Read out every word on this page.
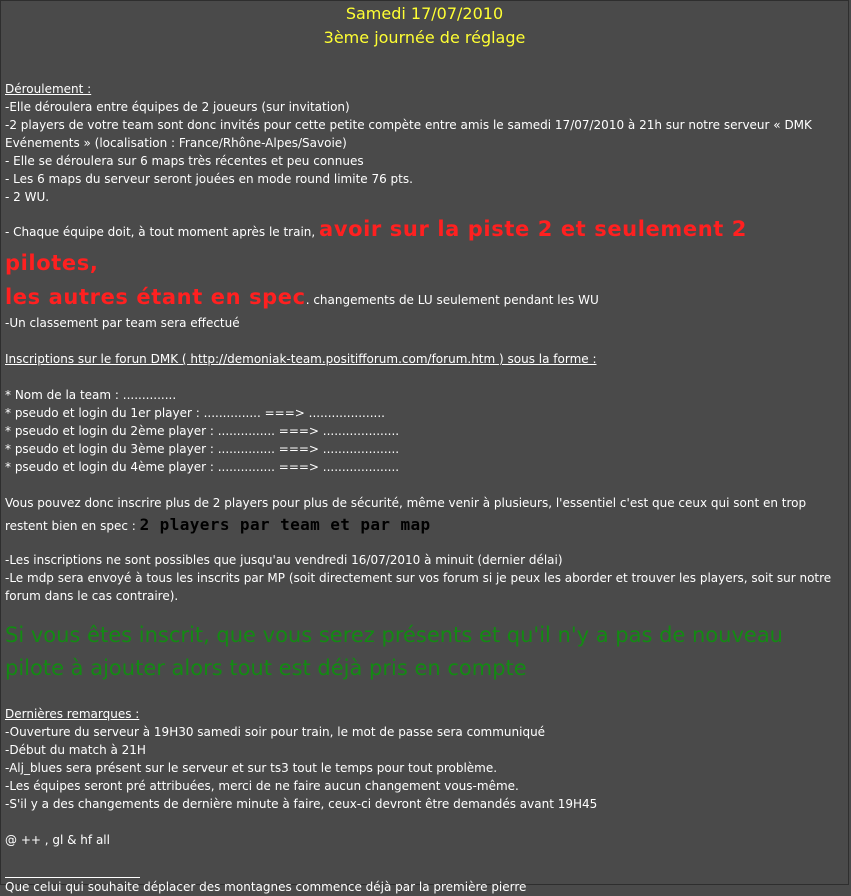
Samedi 17/07/2010
3ème journée de réglage
Déroulement :
-Elle déroulera entre équipes de 2 joueurs (sur invitation)
-2 players de votre team sont donc invités pour cette petite compète entre amis le samedi 17/07/2010 à 21h sur notre serveur « DMK Evénements » (localisation : France/Rhône-Alpes/Savoie)
- Elle se déroulera sur 6 maps très récentes et peu connues
- Les 6 maps du serveur seront jouées en mode round limite 76 pts.
- 2 WU.
- Chaque équipe doit, à tout moment après le train, avoir sur la piste 2 et seulement 2 pilotes,
les autres étant en spec. changements de LU seulement pendant les WU
-Un classement par team sera effectué
Inscriptions sur le forun DMK ( http://demoniak-team.positifforum.com/forum.htm ) sous la forme :
* Nom de la team : ..............
* pseudo et login du 1er player : ............... ===> ....................
* pseudo et login du 2ème player : ............... ===> ....................
* pseudo et login du 3ème player : ............... ===> ....................
* pseudo et login du 4ème player : ............... ===> ....................
Vous pouvez donc inscrire plus de 2 players pour plus de sécurité, même venir à plusieurs, l'essentiel c'est que ceux qui sont en trop
restent bien en spec : 2 players par team et par map
-Les inscriptions ne sont possibles que jusqu'au vendredi 16/07/2010 à minuit (dernier délai)
-Le mdp sera envoyé à tous les inscrits par MP (soit directement sur vos forum si je peux les aborder et trouver les players, soit sur notre forum dans le cas contraire).
Si vous êtes inscrit, que vous serez présents et qu'il n'y a pas de nouveau
pilote à ajouter alors tout est déjà pris en compte
Dernières remarques :
-Ouverture du serveur à 19H30 samedi soir pour train, le mot de passe sera communiqué
-Début du match à 21H
-Alj_blues sera présent sur le serveur et sur ts3 tout le temps pour tout problème.
-Les équipes seront pré attribuées, merci de ne faire aucun changement vous-même.
-S'il y a des changements de dernière minute à faire, ceux-ci devront être demandés avant 19H45
@ ++ , gl & hf all
Que celui qui souhaite déplacer des montagnes commence déjà par la première pierre
